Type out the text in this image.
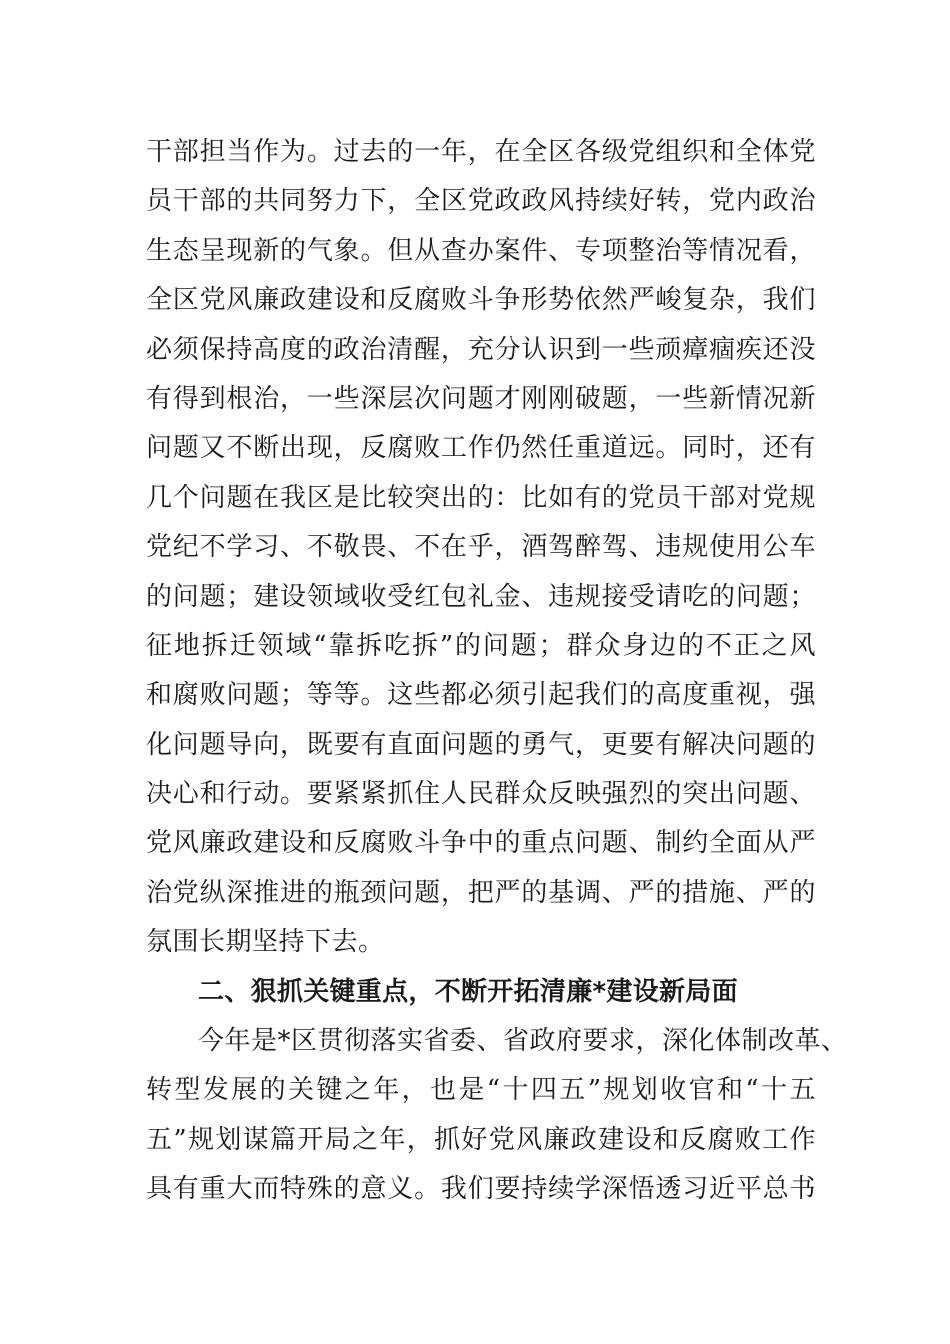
干部担当作为。过去的一年，在全区各级党组织和全体党
员干部的共同努力下，全区党政政风持续好转，党内政治
生态呈现新的气象。但从查办案件、专项整治等情况看，
全区党风廉政建设和反腐败斗争形势依然严峻复杂，我们
必须保持高度的政治清醒，充分认识到一些顽瘴痼疾还没
有得到根治，一些深层次问题才刚刚破题，一些新情况新
问题又不断出现，反腐败工作仍然任重道远。同时，还有
几个问题在我区是比较突出的：比如有的党员干部对党规
党纪不学习、不敬畏、不在乎，酒驾醉驾、违规使用公车
的问题；建设领域收受红包礼金、违规接受请吃的问题；
征地拆迁领域“靠拆吃拆”的问题；群众身边的不正之风
和腐败问题；等等。这些都必须引起我们的高度重视，强
化问题导向，既要有直面问题的勇气，更要有解决问题的
决心和行动。要紧紧抓住人民群众反映强烈的突出问题、
党风廉政建设和反腐败斗争中的重点问题、制约全面从严
治党纵深推进的瓶颈问题，把严的基调、严的措施、严的
氛围长期坚持下去。
二、狠抓关键重点，不断开拓清廉*建设新局面
今年是*区贯彻落实省委、省政府要求，深化体制改革、
转型发展的关键之年，也是“十四五”规划收官和“十五
五”规划谋篇开局之年，抓好党风廉政建设和反腐败工作
具有重大而特殊的意义。我们要持续学深悟透习近平总书
